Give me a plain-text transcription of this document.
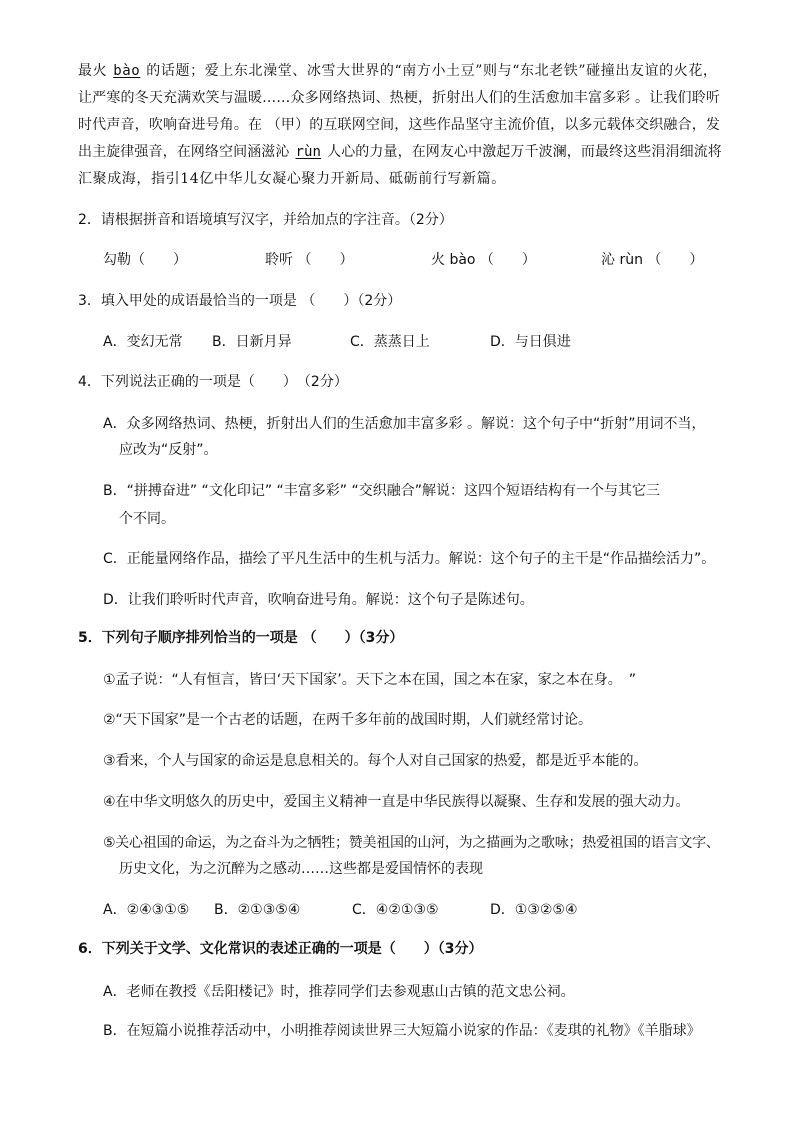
最火 bào 的话题；爱上东北澡堂、冰雪大世界的“南方小土豆”则与“东北老铁”碰撞出友谊的火花，
让严寒的冬天充满欢笑与温暖……众多网络热词、热梗，折射出人们的生活愈加丰富多彩 。让我们聆听
时代声音，吹响奋进号角。在 （甲）的互联网空间，这些作品坚守主流价值，以多元载体交织融合，发
出主旋律强音，在网络空间涵滋沁 rùn 人心的力量，在网友心中激起万千波澜，而最终这些涓涓细流将
汇聚成海，指引14亿中华儿女凝心聚力开新局、砥砺前行写新篇。
2．请根据拼音和语境填写汉字，并给加点的字注音。（2分）
勾勒（　　）	聆听 （　　）	火 bào （　　）	沁 rùn （　　）
3．填入甲处的成语最恰当的一项是 （　　）（2分）
A．变幻无常 B．日新月异	C．蒸蒸日上	D．与日俱进
4．下列说法正确的一项是（　　）　（2分）
A．众多网络热词、热梗，折射出人们的生活愈加丰富多彩 。解说：这个句子中“折射”用词不当，
应改为“反射”。
B．“拼搏奋进” “文化印记” “丰富多彩” “交织融合”解说：这四个短语结构有一个与其它三
个不同。
C．正能量网络作品，描绘了平凡生活中的生机与活力。解说：这个句子的主干是“作品描绘活力”。
D．让我们聆听时代声音，吹响奋进号角。解说：这个句子是陈述句。
5．下列句子顺序排列恰当的一项是 （　　）（3分）
①孟子说：“人有恒言，皆曰‘天下国家’。天下之本在国，国之本在家，家之本在身。　”
②“天下国家”是一个古老的话题，在两千多年前的战国时期，人们就经常讨论。
③看来，个人与国家的命运是息息相关的。每个人对自己国家的热爱，都是近乎本能的。
④在中华文明悠久的历史中，爱国主义精神一直是中华民族得以凝聚、生存和发展的强大动力。
⑤关心祖国的命运，为之奋斗为之牺牲；赞美祖国的山河，为之描画为之歌咏；热爱祖国的语言文字、
历史文化，为之沉醉为之感动……这些都是爱国情怀的表现
A．②④③①⑤ B．②①③⑤④	C．④②①③⑤	D．①③②⑤④
6．下列关于文学、文化常识的表述正确的一项是（　　）（3分）
A．老师在教授《岳阳楼记》时，推荐同学们去参观惠山古镇的范文忠公祠。
B．在短篇小说推荐活动中，小明推荐阅读世界三大短篇小说家的作品：《麦琪的礼物》《羊脂球》
